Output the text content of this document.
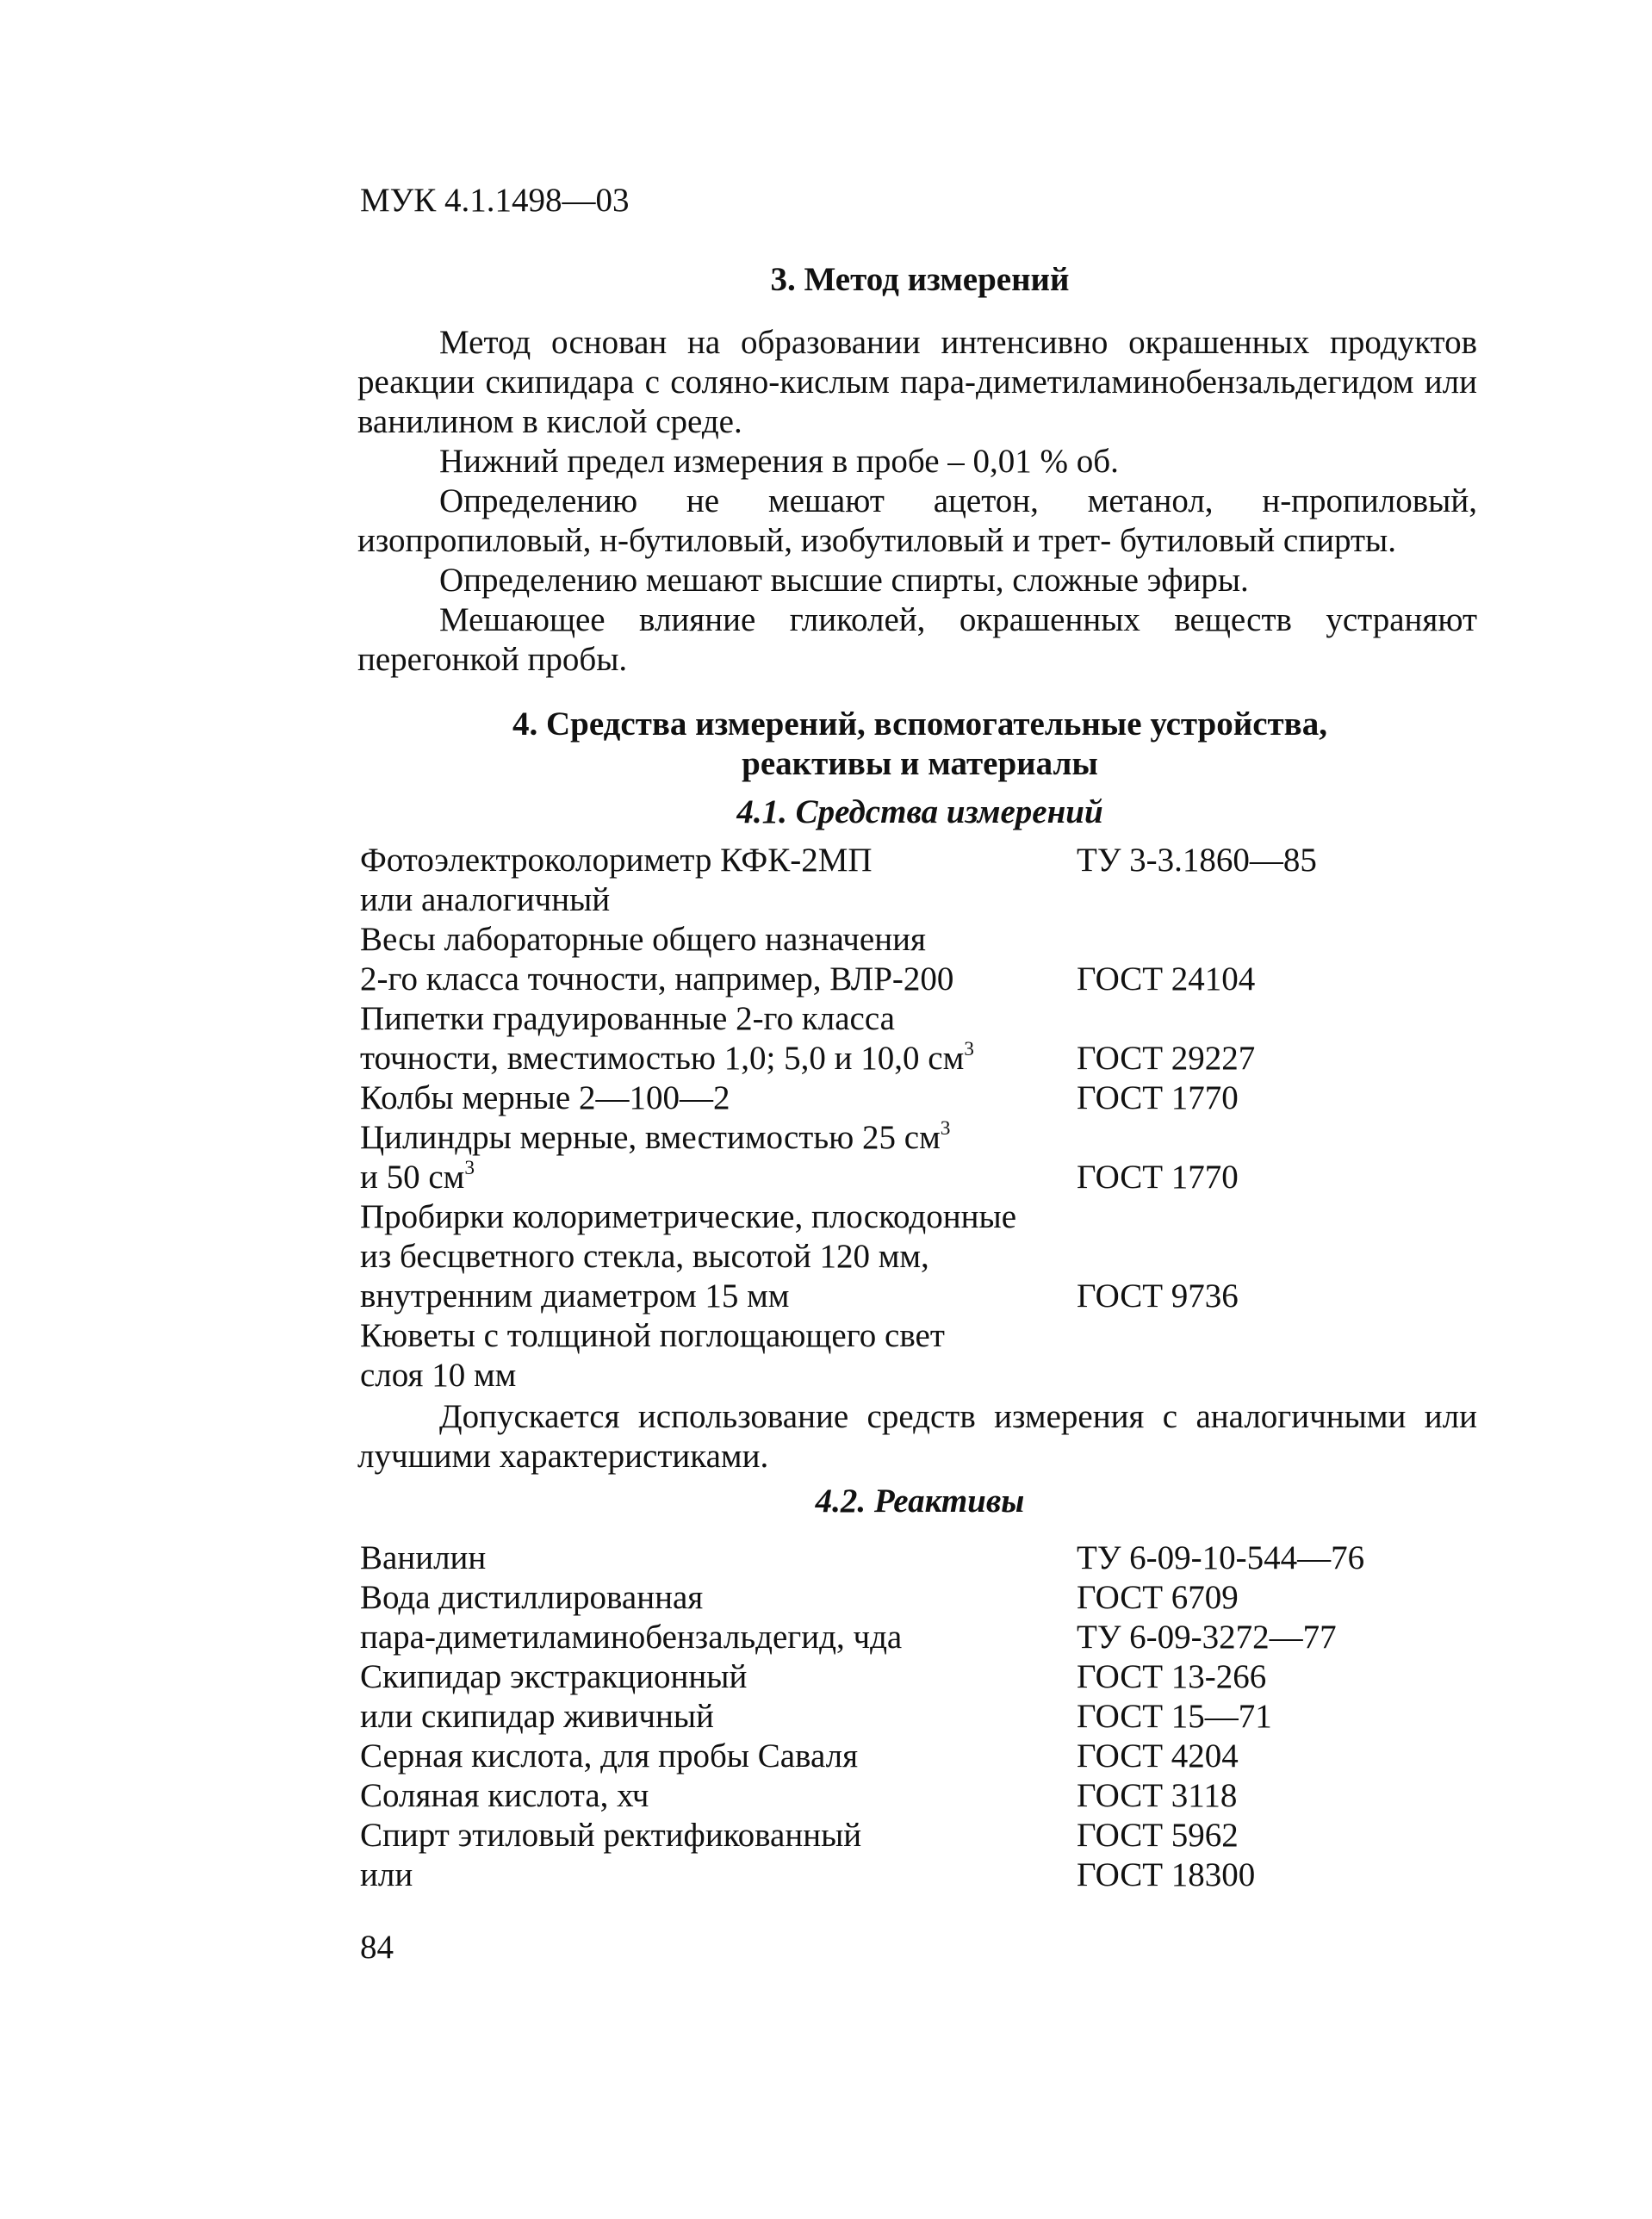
МУК 4.1.1498—03
3. Метод измерений
Метод основан на образовании интенсивно окрашенных продуктов реакции скипидара с соляно-кислым пара-диметиламинобензальдегидом или ванилином в кислой среде.
Нижний предел измерения в пробе – 0,01 % об.
Определению не мешают ацетон, метанол, н-пропиловый, изопропиловый, н-бутиловый, изобутиловый и трет- бутиловый спирты.
Определению мешают высшие спирты, сложные эфиры.
Мешающее влияние гликолей, окрашенных веществ устраняют перегонкой пробы.
4. Средства измерений, вспомогательные устройства,
реактивы и материалы
4.1. Средства измерений
Фотоэлектроколориметр КФК-2МП	ТУ 3-3.1860—85
или аналогичный
Весы лабораторные общего назначения
2-го класса точности, например, ВЛР-200	ГОСТ 24104
Пипетки градуированные 2-го класса
точности, вместимостью 1,0; 5,0 и 10,0 $см^3$	ГОСТ 29227
Колбы мерные 2—100—2	ГОСТ 1770
Цилиндры мерные, вместимостью 25 $см^3$
и 50 $см^3$	ГОСТ 1770
Пробирки колориметрические, плоскодонные
из бесцветного стекла, высотой 120 мм,
внутренним диаметром 15 мм	ГОСТ 9736
Кюветы с толщиной поглощающего свет
слоя 10 мм
Допускается использование средств измерения с аналогичными или лучшими характеристиками.
4.2. Реактивы
Ванилин	ТУ 6-09-10-544—76
Вода дистиллированная	ГОСТ 6709
пара-диметиламинобензальдегид, чда	ТУ 6-09-3272—77
Скипидар экстракционный	ГОСТ 13-266
или скипидар живичный	ГОСТ 15—71
Серная кислота, для пробы Саваля	ГОСТ 4204
Соляная кислота, хч	ГОСТ 3118
Спирт этиловый ректификованный	ГОСТ 5962
или	ГОСТ 18300
84
